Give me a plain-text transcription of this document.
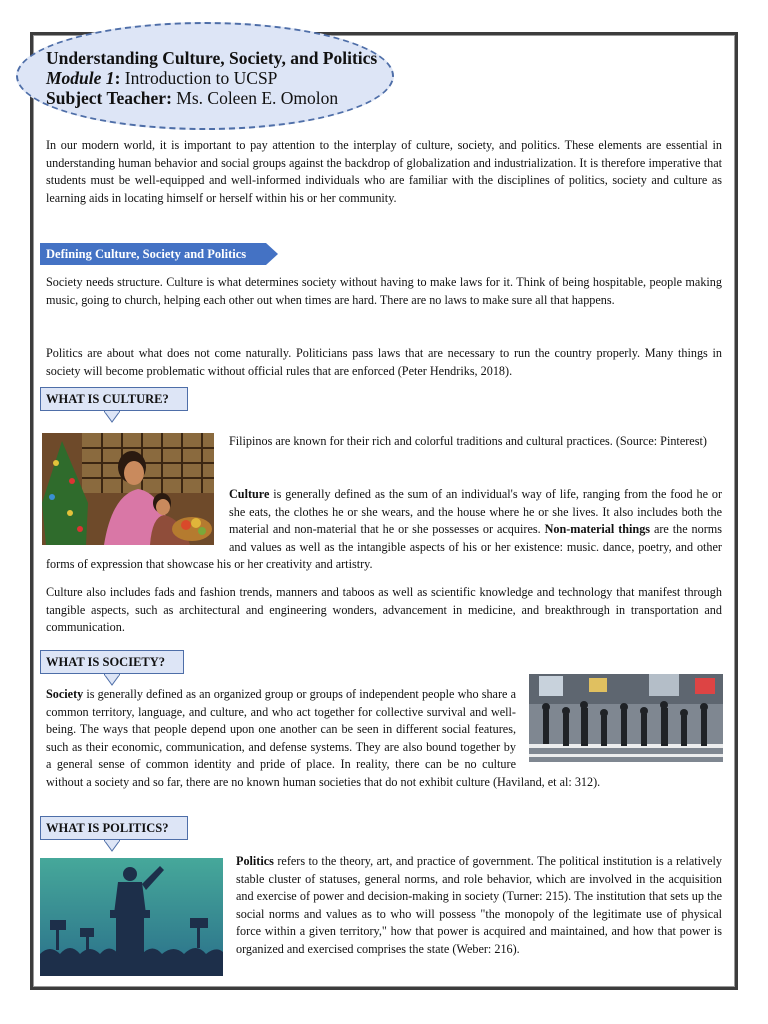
Understanding Culture, Society, and Politics
Module 1: Introduction to UCSP
Subject Teacher: Ms. Coleen E. Omolon

In our modern world, it is important to pay attention to the interplay of culture, society, and politics. These elements are essential in understanding human behavior and social groups against the backdrop of globalization and industrialization. It is therefore imperative that students must be well-equipped and well-informed individuals who are familiar with the disciplines of politics, society and culture as learning aids in locating himself or herself within his or her community.

Defining Culture, Society and Politics

Society needs structure. Culture is what determines society without having to make laws for it. Think of being hospitable, people making music, going to church, helping each other out when times are hard. There are no laws to make sure all that happens.

Politics are about what does not come naturally. Politicians pass laws that are necessary to run the country properly. Many things in society will become problematic without official rules that are enforced (Peter Hendriks, 2018).

WHAT IS CULTURE?

Filipinos are known for their rich and colorful traditions and cultural practices. (Source: Pinterest)

Culture also includes fads and fashion trends, manners and taboos as well as scientific knowledge and technology that manifest through tangible aspects, such as architectural and engineering wonders, advancement in medicine, and breakthrough in transportation and communication.

WHAT IS SOCIETY?
Society is generally defined as an organized group or groups of independent people who share a common territory, language, and culture, and who act together for collective survival and well-being. The ways that people depend upon one another can be seen in different social features, such as their economic, communication, and defense systems. They are also bound together by a general sense of common identity and pride of place. In reality, there can be no culture without a society and so far, there are no known human societies that do not exhibit culture (Haviland, et al: 312).
WHAT IS POLITICS?
Politics refers to the theory, art, and practice of government. The political institution is a relatively stable cluster of statuses, general norms, and role behavior, which are involved in the acquisition and exercise of power and decision-making in society (Turner: 215). The institution that sets up the social norms and values as to who will possess "the monopoly of the legitimate use of physical force within a given territory," how that power is acquired and maintained, and how that power is organized and exercised comprises the state (Weber: 216).
Culture is generally defined as the sum of an individual's way of life, ranging from the food he or she eats, the clothes he or she wears, and the house where he or she lives. It also includes both the material and non-material that he or she possesses or acquires. Non-material things are the norms and values as well as the intangible aspects of his or her existence: music. dance, poetry, and other forms of expression that showcase his or her creativity and artistry.
